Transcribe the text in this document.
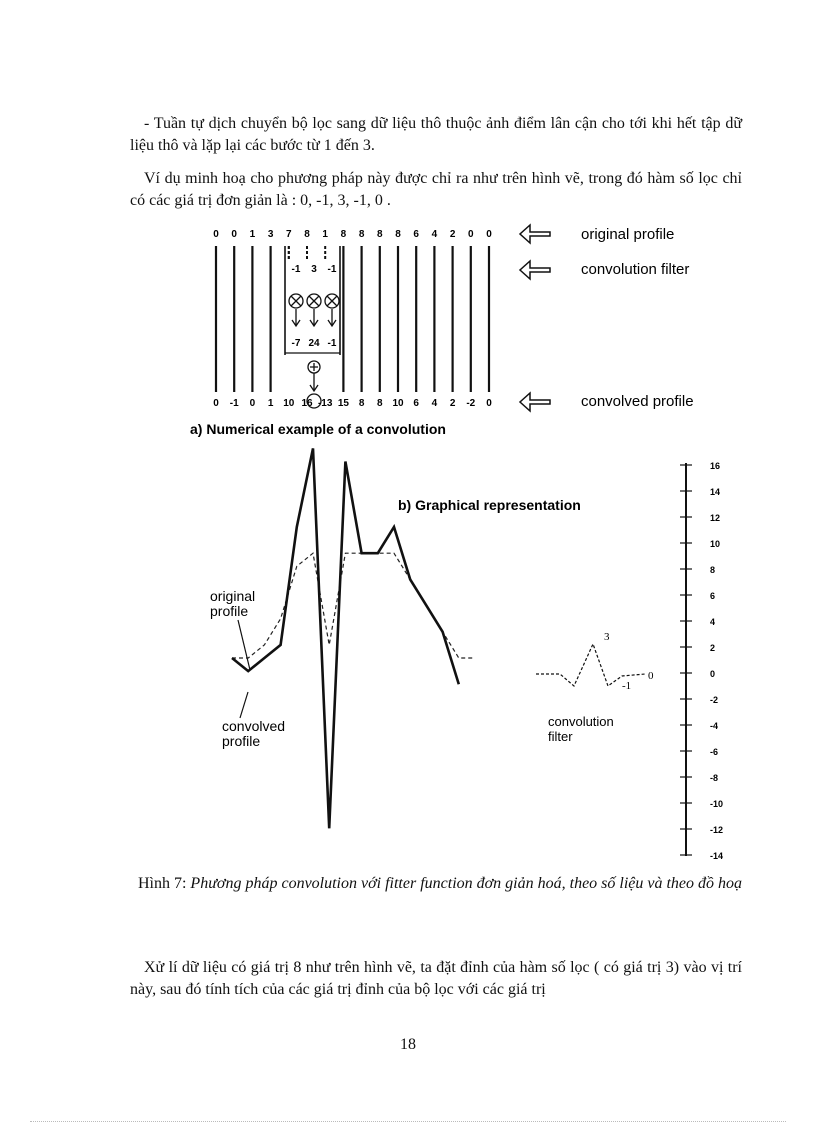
- Tuần tự dịch chuyển bộ lọc sang dữ liệu thô thuộc ảnh điểm lân cận cho tới khi hết tập dữ liệu thô và lặp lại các bước từ 1 đến 3.

Ví dụ minh hoạ cho phương pháp này được chỉ ra như trên hình vẽ, trong đó hàm số lọc chỉ có các giá trị đơn giản là : 0, -1, 3, -1, 0 .

0 0 1 3 7 8 1 8 8 8 8 6 4 2 0 0
0 -1 0 1 10 16 -13 15 8 8 10 6 4 2 -2 0
-1 3 -1
-7 24 -1
original profile
convolution filter
convolved profile
a) Numerical example of a convolution
b) Graphical representation
original
profile
convolved
profile
3
-1
0
convolution
filter
16
14
12
10
8
6
4
2
0
-2
-4
-6
-8
-10
-12
-14
Hình 7: Phương pháp convolution với fitter function đơn giản hoá, theo số liệu và theo đồ hoạ

Xử lí dữ liệu có giá trị 8 như trên hình vẽ, ta đặt đỉnh của hàm số lọc ( có giá trị 3) vào vị trí này, sau đó tính tích của các giá trị đỉnh của bộ lọc với các giá trị

18
